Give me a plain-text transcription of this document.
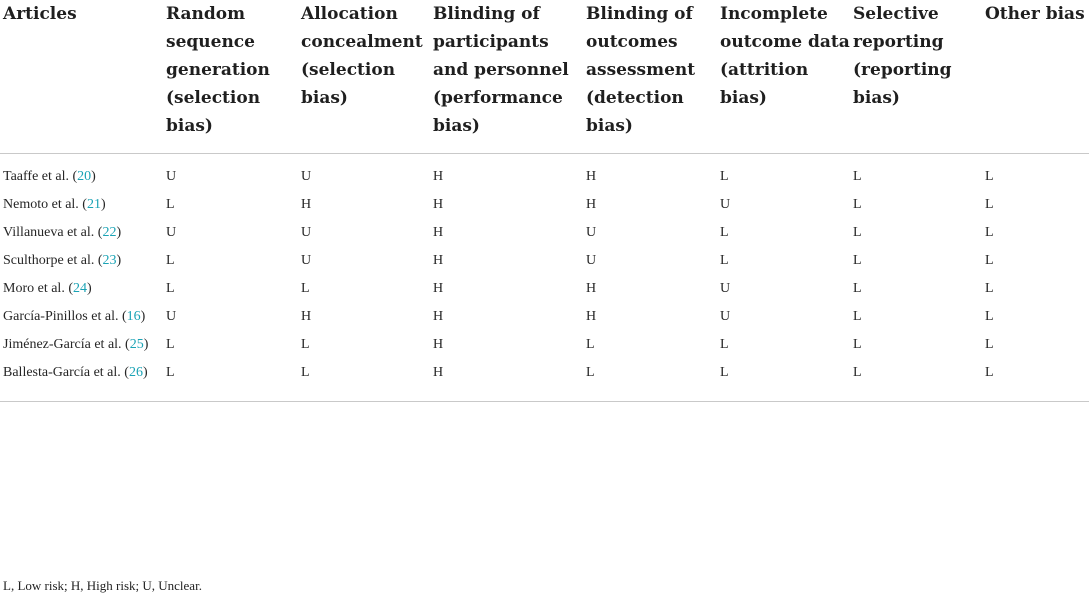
Articles	Random sequence generation (selection bias)	Allocation concealment (selection bias)	Blinding of participants and personnel (performance bias)	Blinding of outcomes assessment (detection bias)	Incomplete outcome data (attrition bias)	Selective reporting (reporting bias)	Other bias
Taaffe et al. (20)	U	U	H	H	L	L	L
Nemoto et al. (21)	L	H	H	H	U	L	L
Villanueva et al. (22)	U	U	H	U	L	L	L
Sculthorpe et al. (23)	L	U	H	U	L	L	L
Moro et al. (24)	L	L	H	H	U	L	L
García-Pinillos et al. (16)	U	H	H	H	U	L	L
Jiménez-García et al. (25)	L	L	H	L	L	L	L
Ballesta-García et al. (26)	L	L	H	L	L	L	L
L, Low risk; H, High risk; U, Unclear.
